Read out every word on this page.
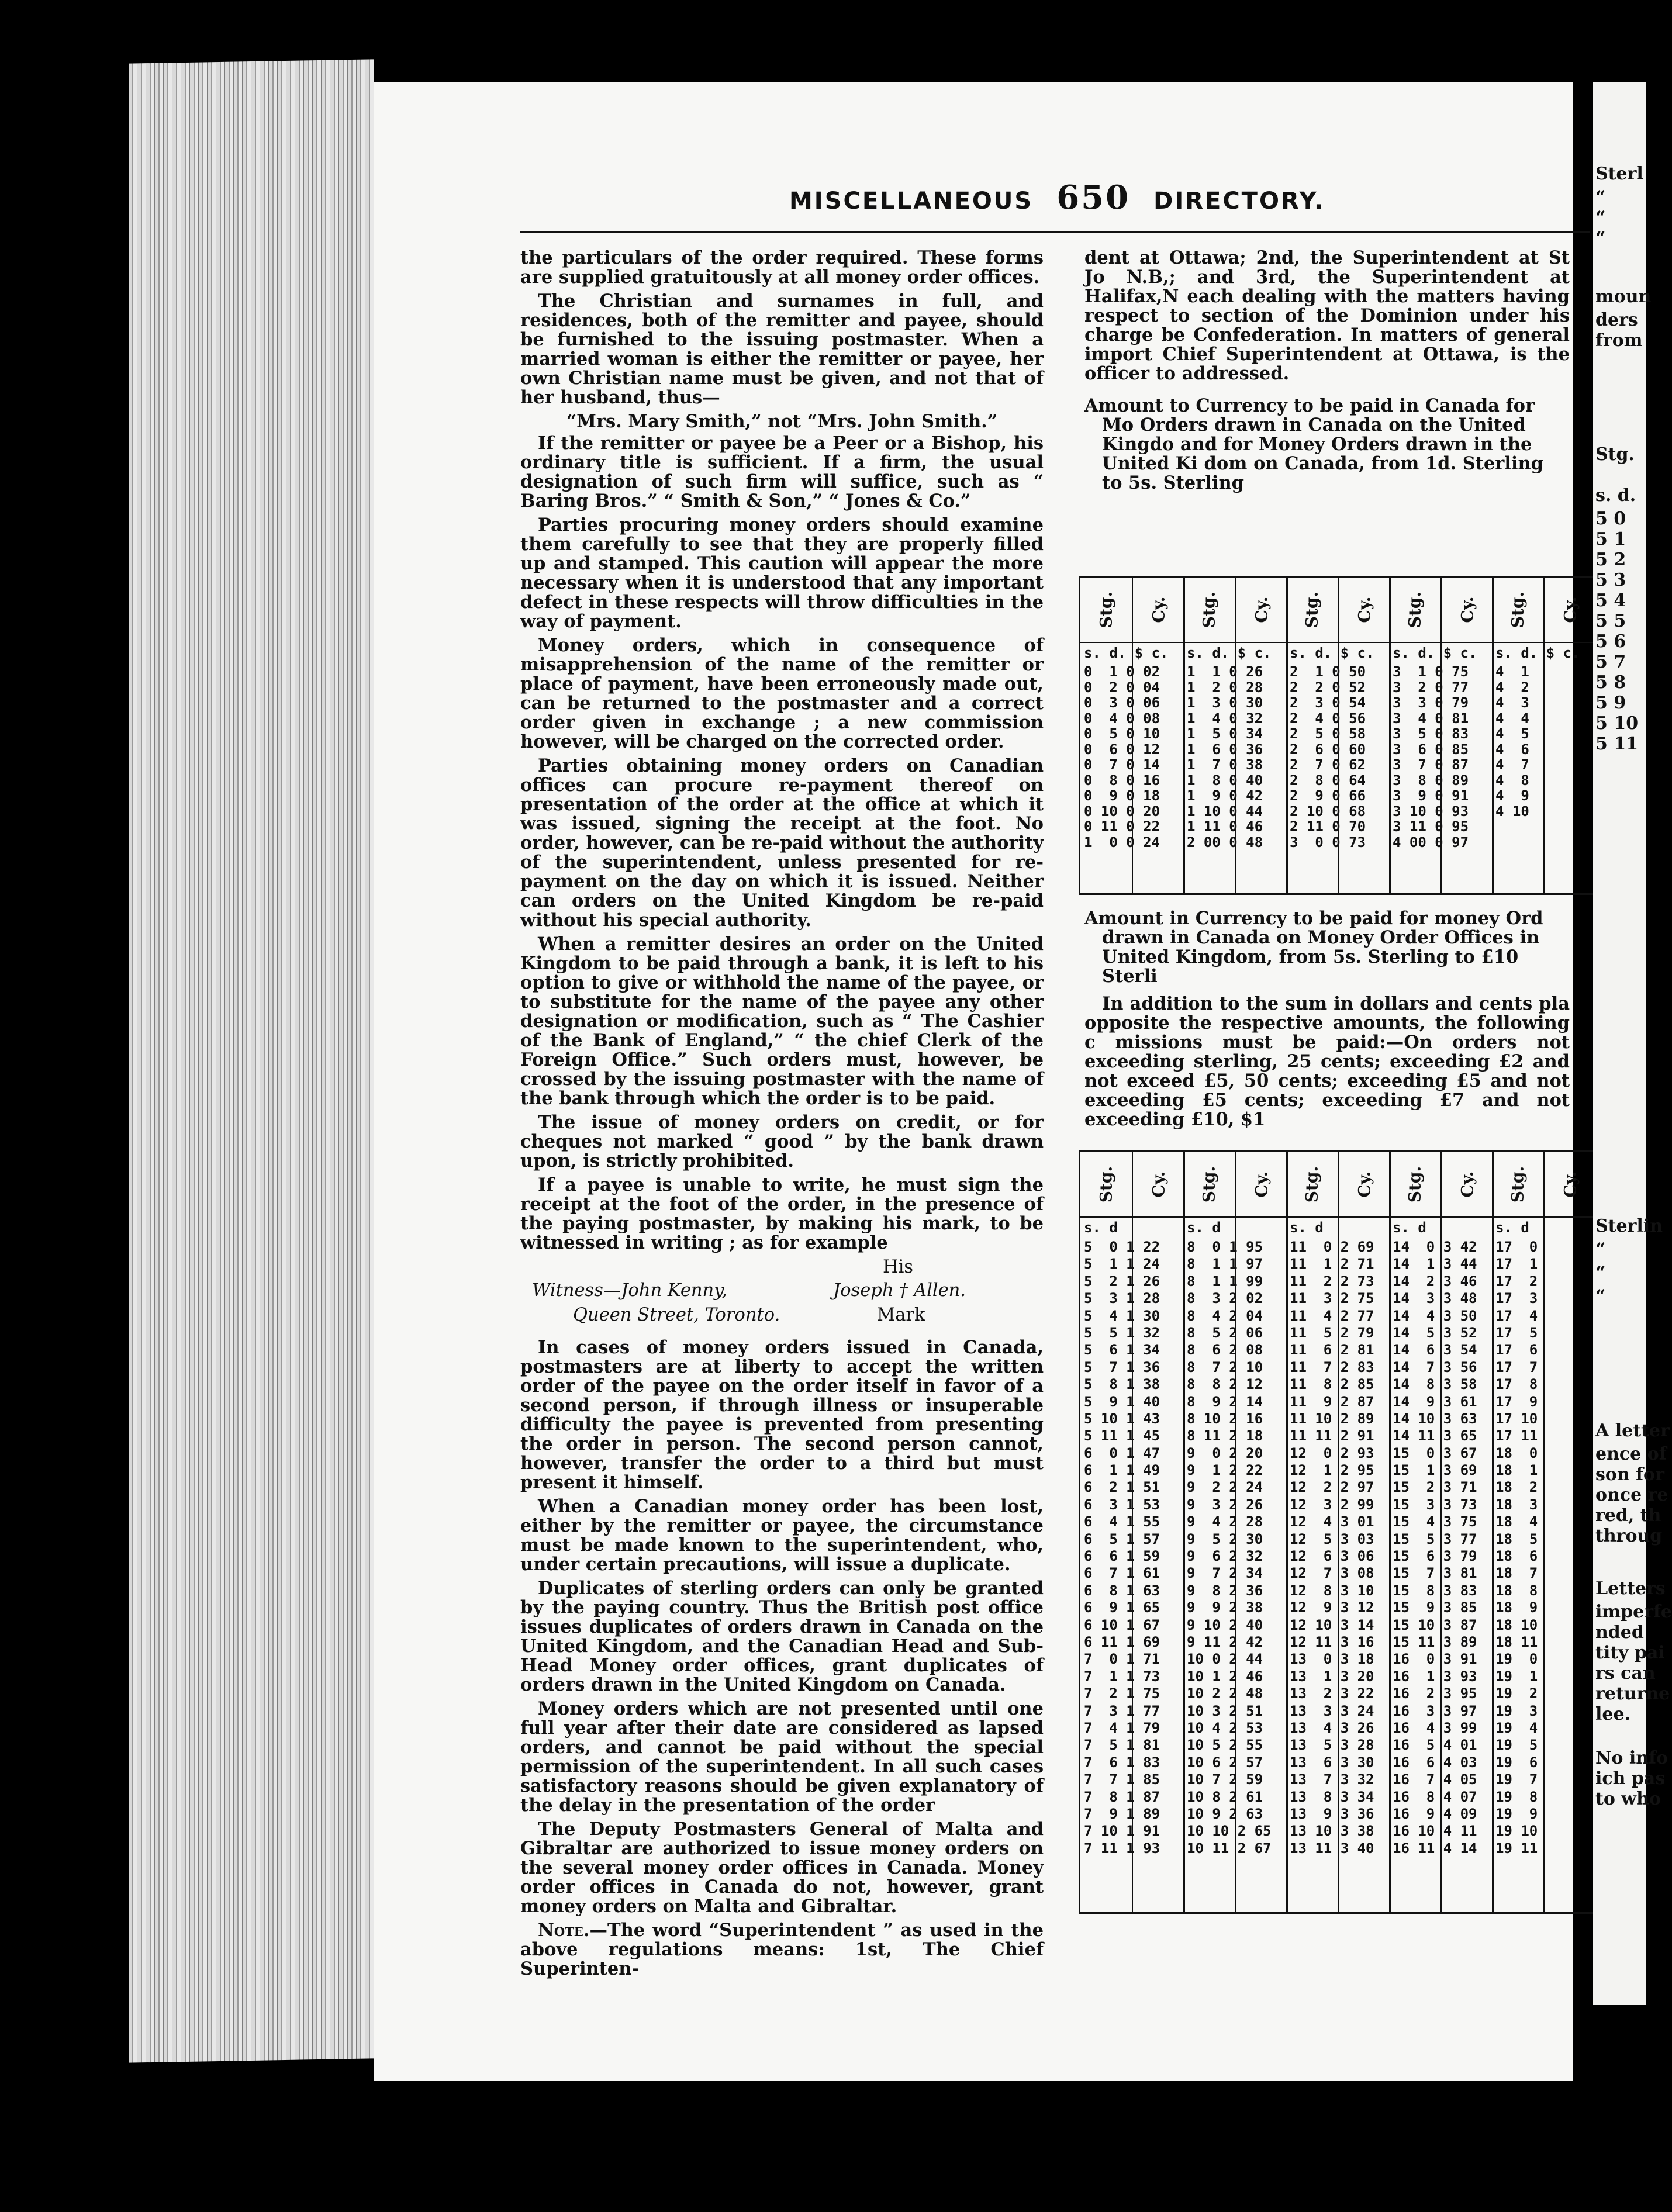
MISCELLANEOUS 650 DIRECTORY.

the particulars of the order required. These forms are supplied gratuitously at all money order offices.

The Christian and surnames in full, and residences, both of the remitter and payee, should be furnished to the issuing postmaster. When a married woman is either the remitter or payee, her own Christian name must be given, and not that of her husband, thus—

“Mrs. Mary Smith,” not “Mrs. John Smith.”

If the remitter or payee be a Peer or a Bishop, his ordinary title is sufficient. If a firm, the usual designation of such firm will suffice, such as “ Baring Bros.” “ Smith & Son,” “ Jones & Co.”

Parties procuring money orders should examine them carefully to see that they are properly filled up and stamped. This caution will appear the more necessary when it is understood that any important defect in these respects will throw difficulties in the way of payment.

Money orders, which in consequence of misapprehension of the name of the remitter or place of payment, have been erroneously made out, can be returned to the postmaster and a correct order given in exchange ; a new commission however, will be charged on the corrected order.

Parties obtaining money orders on Canadian offices can procure re-payment thereof on presentation of the order at the office at which it was issued, signing the receipt at the foot. No order, however, can be re-paid without the authority of the superintendent, unless presented for re-payment on the day on which it is issued. Neither can orders on the United Kingdom be re-paid without his special authority.

When a remitter desires an order on the United Kingdom to be paid through a bank, it is left to his option to give or withhold the name of the payee, or to substitute for the name of the payee any other designation or modification, such as “ The Cashier of the Bank of England,” “ the chief Clerk of the Foreign Office.” Such orders must, however, be crossed by the issuing postmaster with the name of the bank through which the order is to be paid.

The issue of money orders on credit, or for cheques not marked “ good ” by the bank drawn upon, is strictly prohibited.

If a payee is unable to write, he must sign the receipt at the foot of the order, in the presence of the paying postmaster, by making his mark, to be witnessed in writing ; as for example

His
Witness—John Kenny,	Joseph † Allen.
Queen Street, Toronto.	Mark

In cases of money orders issued in Canada, postmasters are at liberty to accept the written order of the payee on the order itself in favor of a second person, if through illness or insuperable difficulty the payee is prevented from presenting the order in person. The second person cannot, however, transfer the order to a third but must present it himself.

When a Canadian money order has been lost, either by the remitter or payee, the circumstance must be made known to the superintendent, who, under certain precautions, will issue a duplicate.

Duplicates of sterling orders can only be granted by the paying country. Thus the British post office issues duplicates of orders drawn in Canada on the United Kingdom, and the Canadian Head and Sub-Head Money order offices, grant duplicates of orders drawn in the United Kingdom on Canada.

Money orders which are not presented until one full year after their date are considered as lapsed orders, and cannot be paid without the special permission of the superintendent. In all such cases satisfactory reasons should be given explanatory of the delay in the presentation of the order

The Deputy Postmasters General of Malta and Gibraltar are authorized to issue money orders on the several money order offices in Canada. Money order offices in Canada do not, however, grant money orders on Malta and Gibraltar.

Note.—The word “Superintendent ” as used in the above regulations means: 1st, The Chief Superinten-

dent at Ottawa; 2nd, the Superintendent at St Jo N.B,; and 3rd, the Superintendent at Halifax,N each dealing with the matters having respect to section of the Dominion under his charge be Confederation. In matters of general import Chief Superintendent at Ottawa, is the officer to addressed.

Amount to Currency to be paid in Canada for Mo Orders drawn in Canada on the United Kingdo and for Money Orders drawn in the United Ki dom on Canada, from 1d. Sterling to 5s. Sterling

Amount in Currency to be paid for money Ord drawn in Canada on Money Order Offices in United Kingdom, from 5s. Sterling to £10 Sterli

In addition to the sum in dollars and cents pla opposite the respective amounts, the following c missions must be paid:—On orders not exceeding sterling, 25 cents; exceeding £2 and not exceed £5, 50 cents; exceeding £5 and not exceeding £5 cents; exceeding £7 and not exceeding £10, $1

Stg. Cy.
s. d. $ c.
0  1 0 02
0  2 0 04
0  3 0 06
0  4 0 08
0  5 0 10
0  6 0 12
0  7 0 14
0  8 0 16
0  9 0 18
0 10 0 20
0 11 0 22
1  0 0 24
Stg. Cy.
s. d. $ c.
1  1 0 26
1  2 0 28
1  3 0 30
1  4 0 32
1  5 0 34
1  6 0 36
1  7 0 38
1  8 0 40
1  9 0 42
1 10 0 44
1 11 0 46
2 00 0 48
Stg. Cy.
s. d. $ c.
2  1 0 50
2  2 0 52
2  3 0 54
2  4 0 56
2  5 0 58
2  6 0 60
2  7 0 62
2  8 0 64
2  9 0 66
2 10 0 68
2 11 0 70
3  0 0 73
Stg. Cy.
s. d. $ c.
3  1 0 75
3  2 0 77
3  3 0 79
3  4 0 81
3  5 0 83
3  6 0 85
3  7 0 87
3  8 0 89
3  9 0 91
3 10 0 93
3 11 0 95
4 00 0 97
Stg. Cy.
s. d. $ c.
4  1
4  2
4  3
4  4
4  5
4  6
4  7
4  8
4  9
4 10
Stg. Cy.
s. d
5  0 1 22
5  1 1 24
5  2 1 26
5  3 1 28
5  4 1 30
5  5 1 32
5  6 1 34
5  7 1 36
5  8 1 38
5  9 1 40
5 10 1 43
5 11 1 45
6  0 1 47
6  1 1 49
6  2 1 51
6  3 1 53
6  4 1 55
6  5 1 57
6  6 1 59
6  7 1 61
6  8 1 63
6  9 1 65
6 10 1 67
6 11 1 69
7  0 1 71
7  1 1 73
7  2 1 75
7  3 1 77
7  4 1 79
7  5 1 81
7  6 1 83
7  7 1 85
7  8 1 87
7  9 1 89
7 10 1 91
7 11 1 93
Stg. Cy.
s. d
8  0 1 95
8  1 1 97
8  1 1 99
8  3 2 02
8  4 2 04
8  5 2 06
8  6 2 08
8  7 2 10
8  8 2 12
8  9 2 14
8 10 2 16
8 11 2 18
9  0 2 20
9  1 2 22
9  2 2 24
9  3 2 26
9  4 2 28
9  5 2 30
9  6 2 32
9  7 2 34
9  8 2 36
9  9 2 38
9 10 2 40
9 11 2 42
10 0 2 44
10 1 2 46
10 2 2 48
10 3 2 51
10 4 2 53
10 5 2 55
10 6 2 57
10 7 2 59
10 8 2 61
10 9 2 63
10 10 2 65
10 11 2 67
Stg. Cy.
s. d
11  0 2 69
11  1 2 71
11  2 2 73
11  3 2 75
11  4 2 77
11  5 2 79
11  6 2 81
11  7 2 83
11  8 2 85
11  9 2 87
11 10 2 89
11 11 2 91
12  0 2 93
12  1 2 95
12  2 2 97
12  3 2 99
12  4 3 01
12  5 3 03
12  6 3 06
12  7 3 08
12  8 3 10
12  9 3 12
12 10 3 14
12 11 3 16
13  0 3 18
13  1 3 20
13  2 3 22
13  3 3 24
13  4 3 26
13  5 3 28
13  6 3 30
13  7 3 32
13  8 3 34
13  9 3 36
13 10 3 38
13 11 3 40
Stg. Cy.
s. d
14  0 3 42
14  1 3 44
14  2 3 46
14  3 3 48
14  4 3 50
14  5 3 52
14  6 3 54
14  7 3 56
14  8 3 58
14  9 3 61
14 10 3 63
14 11 3 65
15  0 3 67
15  1 3 69
15  2 3 71
15  3 3 73
15  4 3 75
15  5 3 77
15  6 3 79
15  7 3 81
15  8 3 83
15  9 3 85
15 10 3 87
15 11 3 89
16  0 3 91
16  1 3 93
16  2 3 95
16  3 3 97
16  4 3 99
16  5 4 01
16  6 4 03
16  7 4 05
16  8 4 07
16  9 4 09
16 10 4 11
16 11 4 14
Stg. Cy.
s. d
17  0
17  1
17  2
17  3
17  4
17  5
17  6
17  7
17  8
17  9
17 10
17 11
18  0
18  1
18  2
18  3
18  4
18  5
18  6
18  7
18  8
18  9
18 10
18 11
19  0
19  1
19  2
19  3
19  4
19  5
19  6
19  7
19  8
19  9
19 10
19 11
Sterl
“
“
“
moun
ders
from
Stg.
s. d.
5 0
5 1
5 2
5 3
5 4
5 5
5 6
5 7
5 8
5 9
5 10
5 11
Sterlin
“
“
“
A letter
ence of
son for
once re
red, th
throug
Letters
imperfe
nded
tity pai
rs can
returne
lee.
No info
ich pas
to who
